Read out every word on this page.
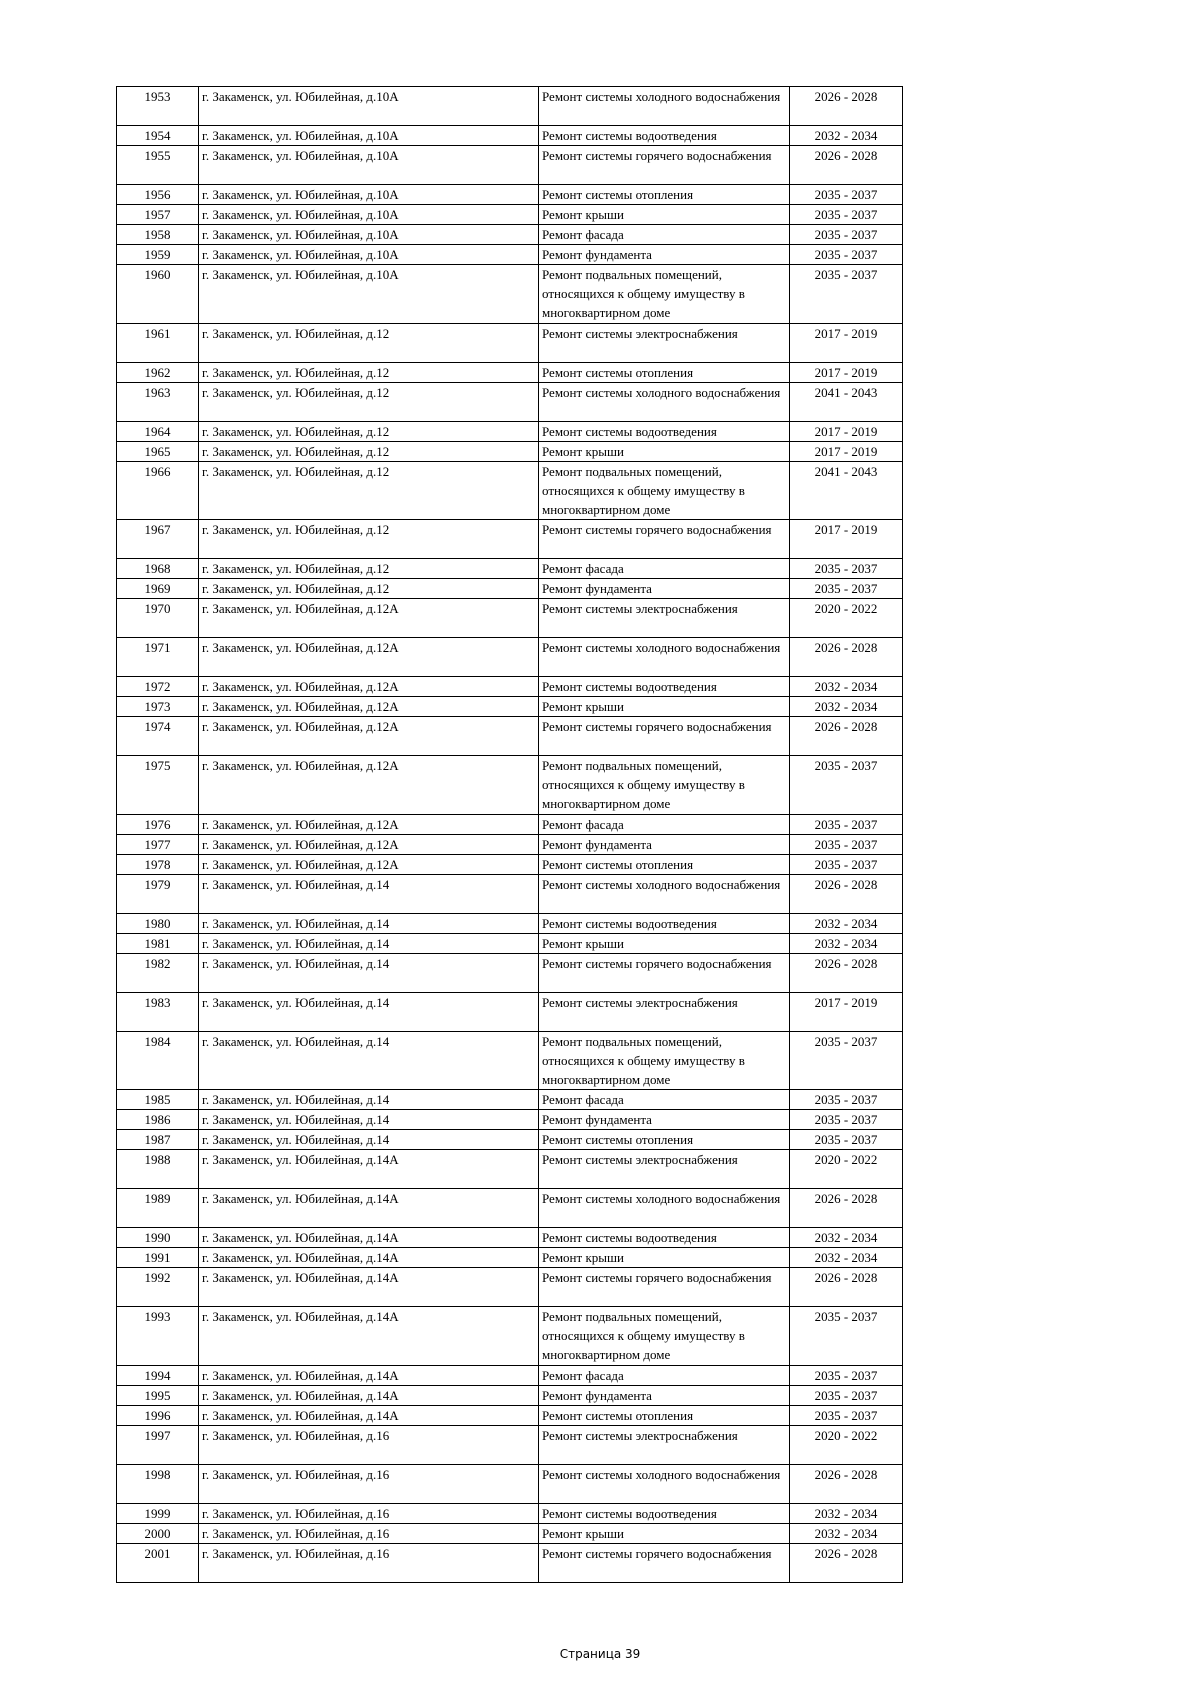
1953	г. Закаменск, ул. Юбилейная, д.10А	Ремонт системы холодного водоснабжения	2026 - 2028
1954	г. Закаменск, ул. Юбилейная, д.10А	Ремонт системы водоотведения	2032 - 2034
1955	г. Закаменск, ул. Юбилейная, д.10А	Ремонт системы горячего водоснабжения	2026 - 2028
1956	г. Закаменск, ул. Юбилейная, д.10А	Ремонт системы отопления	2035 - 2037
1957	г. Закаменск, ул. Юбилейная, д.10А	Ремонт крыши	2035 - 2037
1958	г. Закаменск, ул. Юбилейная, д.10А	Ремонт фасада	2035 - 2037
1959	г. Закаменск, ул. Юбилейная, д.10А	Ремонт фундамента	2035 - 2037
1960	г. Закаменск, ул. Юбилейная, д.10А	Ремонт подвальных помещений, относящихся к общему имуществу в многоквартирном доме	2035 - 2037
1961	г. Закаменск, ул. Юбилейная, д.12	Ремонт системы электроснабжения	2017 - 2019
1962	г. Закаменск, ул. Юбилейная, д.12	Ремонт системы отопления	2017 - 2019
1963	г. Закаменск, ул. Юбилейная, д.12	Ремонт системы холодного водоснабжения	2041 - 2043
1964	г. Закаменск, ул. Юбилейная, д.12	Ремонт системы водоотведения	2017 - 2019
1965	г. Закаменск, ул. Юбилейная, д.12	Ремонт крыши	2017 - 2019
1966	г. Закаменск, ул. Юбилейная, д.12	Ремонт подвальных помещений, относящихся к общему имуществу в многоквартирном доме	2041 - 2043
1967	г. Закаменск, ул. Юбилейная, д.12	Ремонт системы горячего водоснабжения	2017 - 2019
1968	г. Закаменск, ул. Юбилейная, д.12	Ремонт фасада	2035 - 2037
1969	г. Закаменск, ул. Юбилейная, д.12	Ремонт фундамента	2035 - 2037
1970	г. Закаменск, ул. Юбилейная, д.12А	Ремонт системы электроснабжения	2020 - 2022
1971	г. Закаменск, ул. Юбилейная, д.12А	Ремонт системы холодного водоснабжения	2026 - 2028
1972	г. Закаменск, ул. Юбилейная, д.12А	Ремонт системы водоотведения	2032 - 2034
1973	г. Закаменск, ул. Юбилейная, д.12А	Ремонт крыши	2032 - 2034
1974	г. Закаменск, ул. Юбилейная, д.12А	Ремонт системы горячего водоснабжения	2026 - 2028
1975	г. Закаменск, ул. Юбилейная, д.12А	Ремонт подвальных помещений, относящихся к общему имуществу в многоквартирном доме	2035 - 2037
1976	г. Закаменск, ул. Юбилейная, д.12А	Ремонт фасада	2035 - 2037
1977	г. Закаменск, ул. Юбилейная, д.12А	Ремонт фундамента	2035 - 2037
1978	г. Закаменск, ул. Юбилейная, д.12А	Ремонт системы отопления	2035 - 2037
1979	г. Закаменск, ул. Юбилейная, д.14	Ремонт системы холодного водоснабжения	2026 - 2028
1980	г. Закаменск, ул. Юбилейная, д.14	Ремонт системы водоотведения	2032 - 2034
1981	г. Закаменск, ул. Юбилейная, д.14	Ремонт крыши	2032 - 2034
1982	г. Закаменск, ул. Юбилейная, д.14	Ремонт системы горячего водоснабжения	2026 - 2028
1983	г. Закаменск, ул. Юбилейная, д.14	Ремонт системы электроснабжения	2017 - 2019
1984	г. Закаменск, ул. Юбилейная, д.14	Ремонт подвальных помещений, относящихся к общему имуществу в многоквартирном доме	2035 - 2037
1985	г. Закаменск, ул. Юбилейная, д.14	Ремонт фасада	2035 - 2037
1986	г. Закаменск, ул. Юбилейная, д.14	Ремонт фундамента	2035 - 2037
1987	г. Закаменск, ул. Юбилейная, д.14	Ремонт системы отопления	2035 - 2037
1988	г. Закаменск, ул. Юбилейная, д.14А	Ремонт системы электроснабжения	2020 - 2022
1989	г. Закаменск, ул. Юбилейная, д.14А	Ремонт системы холодного водоснабжения	2026 - 2028
1990	г. Закаменск, ул. Юбилейная, д.14А	Ремонт системы водоотведения	2032 - 2034
1991	г. Закаменск, ул. Юбилейная, д.14А	Ремонт крыши	2032 - 2034
1992	г. Закаменск, ул. Юбилейная, д.14А	Ремонт системы горячего водоснабжения	2026 - 2028
1993	г. Закаменск, ул. Юбилейная, д.14А	Ремонт подвальных помещений, относящихся к общему имуществу в многоквартирном доме	2035 - 2037
1994	г. Закаменск, ул. Юбилейная, д.14А	Ремонт фасада	2035 - 2037
1995	г. Закаменск, ул. Юбилейная, д.14А	Ремонт фундамента	2035 - 2037
1996	г. Закаменск, ул. Юбилейная, д.14А	Ремонт системы отопления	2035 - 2037
1997	г. Закаменск, ул. Юбилейная, д.16	Ремонт системы электроснабжения	2020 - 2022
1998	г. Закаменск, ул. Юбилейная, д.16	Ремонт системы холодного водоснабжения	2026 - 2028
1999	г. Закаменск, ул. Юбилейная, д.16	Ремонт системы водоотведения	2032 - 2034
2000	г. Закаменск, ул. Юбилейная, д.16	Ремонт крыши	2032 - 2034
2001	г. Закаменск, ул. Юбилейная, д.16	Ремонт системы горячего водоснабжения	2026 - 2028
Страница 39
